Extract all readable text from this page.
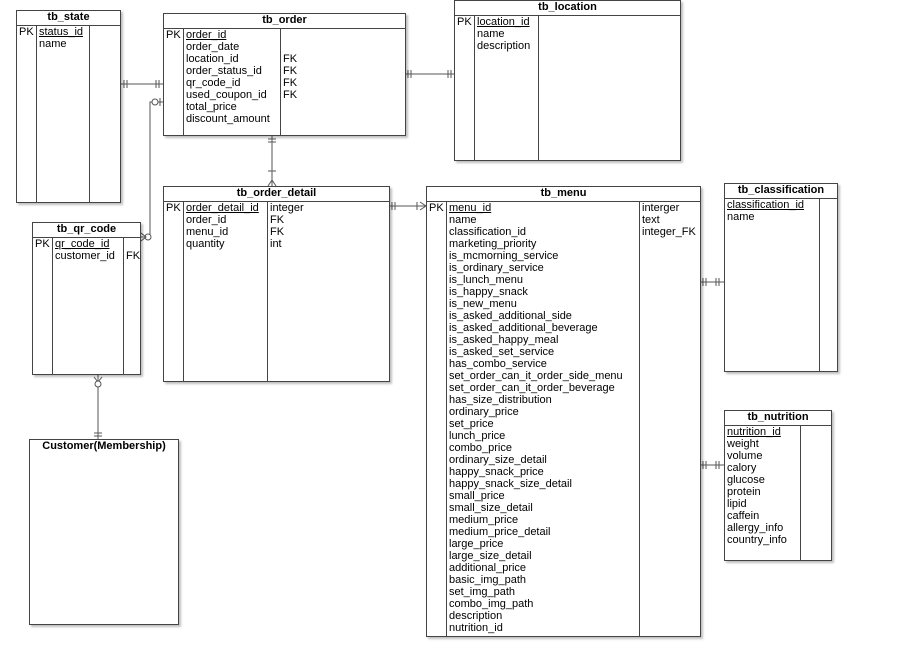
tb_state
PK status_id
name
tb_order
PK order_id
order_date
location_id
order_status_id
qr_code_id
used_coupon_id
total_price
discount_amount
FK
FK
FK
FK
tb_location
PK location_id
name
description
tb_qr_code
PK qr_code_id
customer_id	FK
tb_order_detail
PK order_detail_id
order_id
menu_id
quantity
integer
FK
FK
int
tb_menu
PK menu_id
name
classification_id
marketing_priority
is_mcmorning_service
is_ordinary_service
is_lunch_menu
is_happy_snack
is_new_menu
is_asked_additional_side
is_asked_additional_beverage
is_asked_happy_meal
is_asked_set_service
has_combo_service
set_order_can_it_order_side_menu
set_order_can_it_order_beverage
has_size_distribution
ordinary_price
set_price
lunch_price
combo_price
ordinary_size_detail
happy_snack_price
happy_snack_size_detail
small_price
small_size_detail
medium_price
medium_price_detail
large_price
large_size_detail
additional_price
basic_img_path
set_img_path
combo_img_path
description
nutrition_id
interger
text
integer_FK
tb_classification
classification_id
name
tb_nutrition
nutrition_id
weight
volume
calory
glucose
protein
lipid
caffein
allergy_info
country_info
Customer(Membership)
